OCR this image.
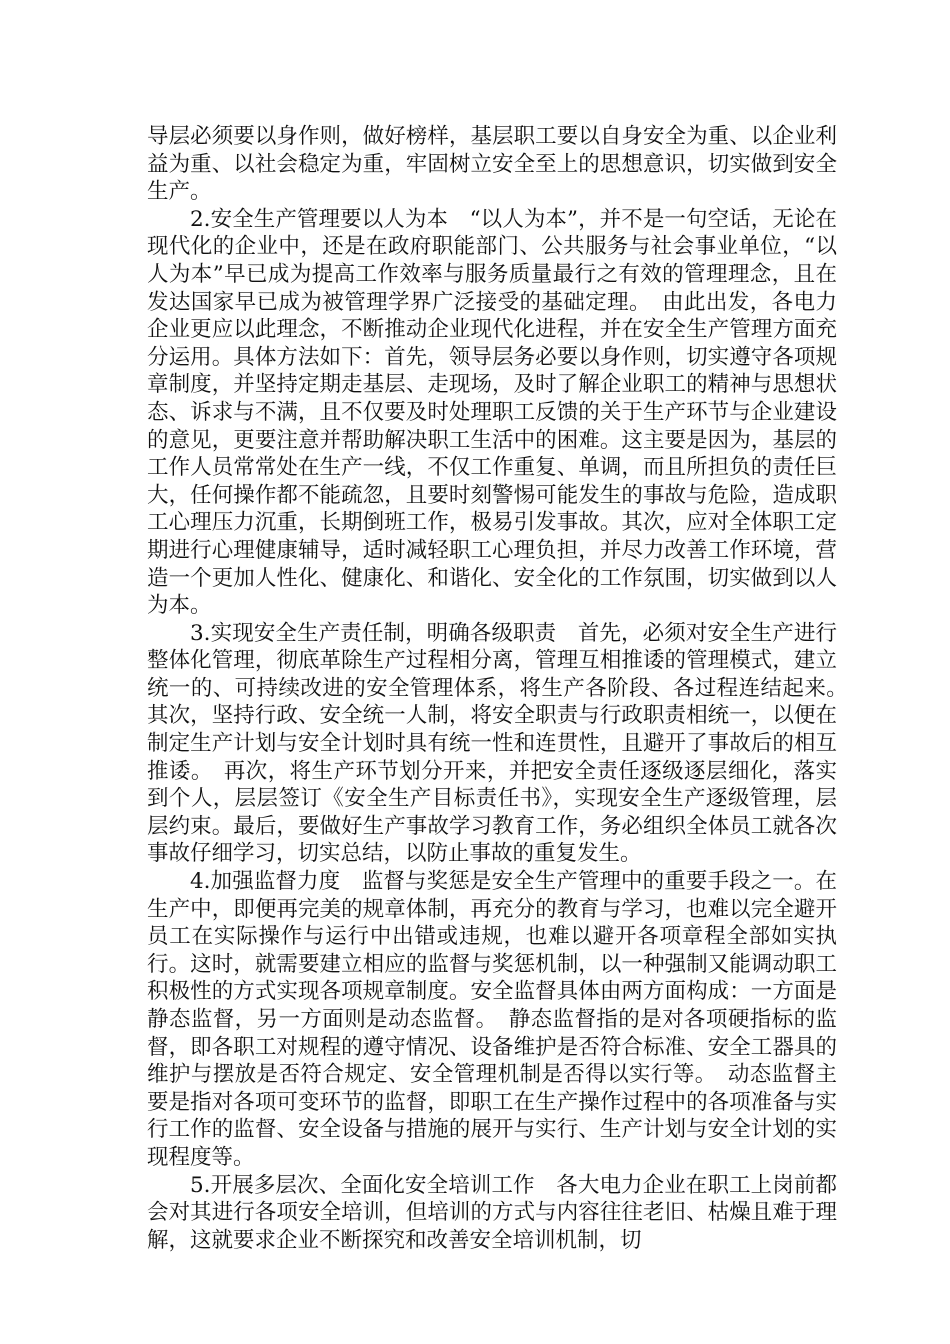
导层必须要以身作则，做好榜样，基层职工要以自身安全为重、以企业利益为重、以社会稳定为重，牢固树立安全至上的思想意识，切实做到安全生产。

2.安全生产管理要以人为本　“以人为本”，并不是一句空话，无论在现代化的企业中，还是在政府职能部门、公共服务与社会事业单位，“以人为本”早已成为提高工作效率与服务质量最行之有效的管理理念，且在发达国家早已成为被管理学界广泛接受的基础定理。　由此出发，各电力企业更应以此理念，不断推动企业现代化进程，并在安全生产管理方面充分运用。具体方法如下：首先，领导层务必要以身作则，切实遵守各项规章制度，并坚持定期走基层、走现场，及时了解企业职工的精神与思想状态、诉求与不满，且不仅要及时处理职工反馈的关于生产环节与企业建设的意见，更要注意并帮助解决职工生活中的困难。这主要是因为，基层的工作人员常常处在生产一线，不仅工作重复、单调，而且所担负的责任巨大，任何操作都不能疏忽，且要时刻警惕可能发生的事故与危险，造成职工心理压力沉重，长期倒班工作，极易引发事故。其次，应对全体职工定期进行心理健康辅导，适时减轻职工心理负担，并尽力改善工作环境，营造一个更加人性化、健康化、和谐化、安全化的工作氛围，切实做到以人为本。

3.实现安全生产责任制，明确各级职责　首先，必须对安全生产进行整体化管理，彻底革除生产过程相分离，管理互相推诿的管理模式，建立统一的、可持续改进的安全管理体系，将生产各阶段、各过程连结起来。　其次，坚持行政、安全统一人制，将安全职责与行政职责相统一，以便在制定生产计划与安全计划时具有统一性和连贯性，且避开了事故后的相互推诿。　再次，将生产环节划分开来，并把安全责任逐级逐层细化，落实到个人，层层签订《安全生产目标责任书》，实现安全生产逐级管理，层层约束。最后，要做好生产事故学习教育工作，务必组织全体员工就各次事故仔细学习，切实总结，以防止事故的重复发生。

4.加强监督力度　监督与奖惩是安全生产管理中的重要手段之一。在生产中，即便再完美的规章体制，再充分的教育与学习，也难以完全避开员工在实际操作与运行中出错或违规，也难以避开各项章程全部如实执行。这时，就需要建立相应的监督与奖惩机制，以一种强制又能调动职工积极性的方式实现各项规章制度。安全监督具体由两方面构成：一方面是静态监督，另一方面则是动态监督。　静态监督指的是对各项硬指标的监督，即各职工对规程的遵守情况、设备维护是否符合标准、安全工器具的维护与摆放是否符合规定、安全管理机制是否得以实行等。　动态监督主要是指对各项可变环节的监督，即职工在生产操作过程中的各项准备与实行工作的监督、安全设备与措施的展开与实行、生产计划与安全计划的实现程度等。

5.开展多层次、全面化安全培训工作　各大电力企业在职工上岗前都会对其进行各项安全培训，但培训的方式与内容往往老旧、枯燥且难于理解，这就要求企业不断探究和改善安全培训机制，切
